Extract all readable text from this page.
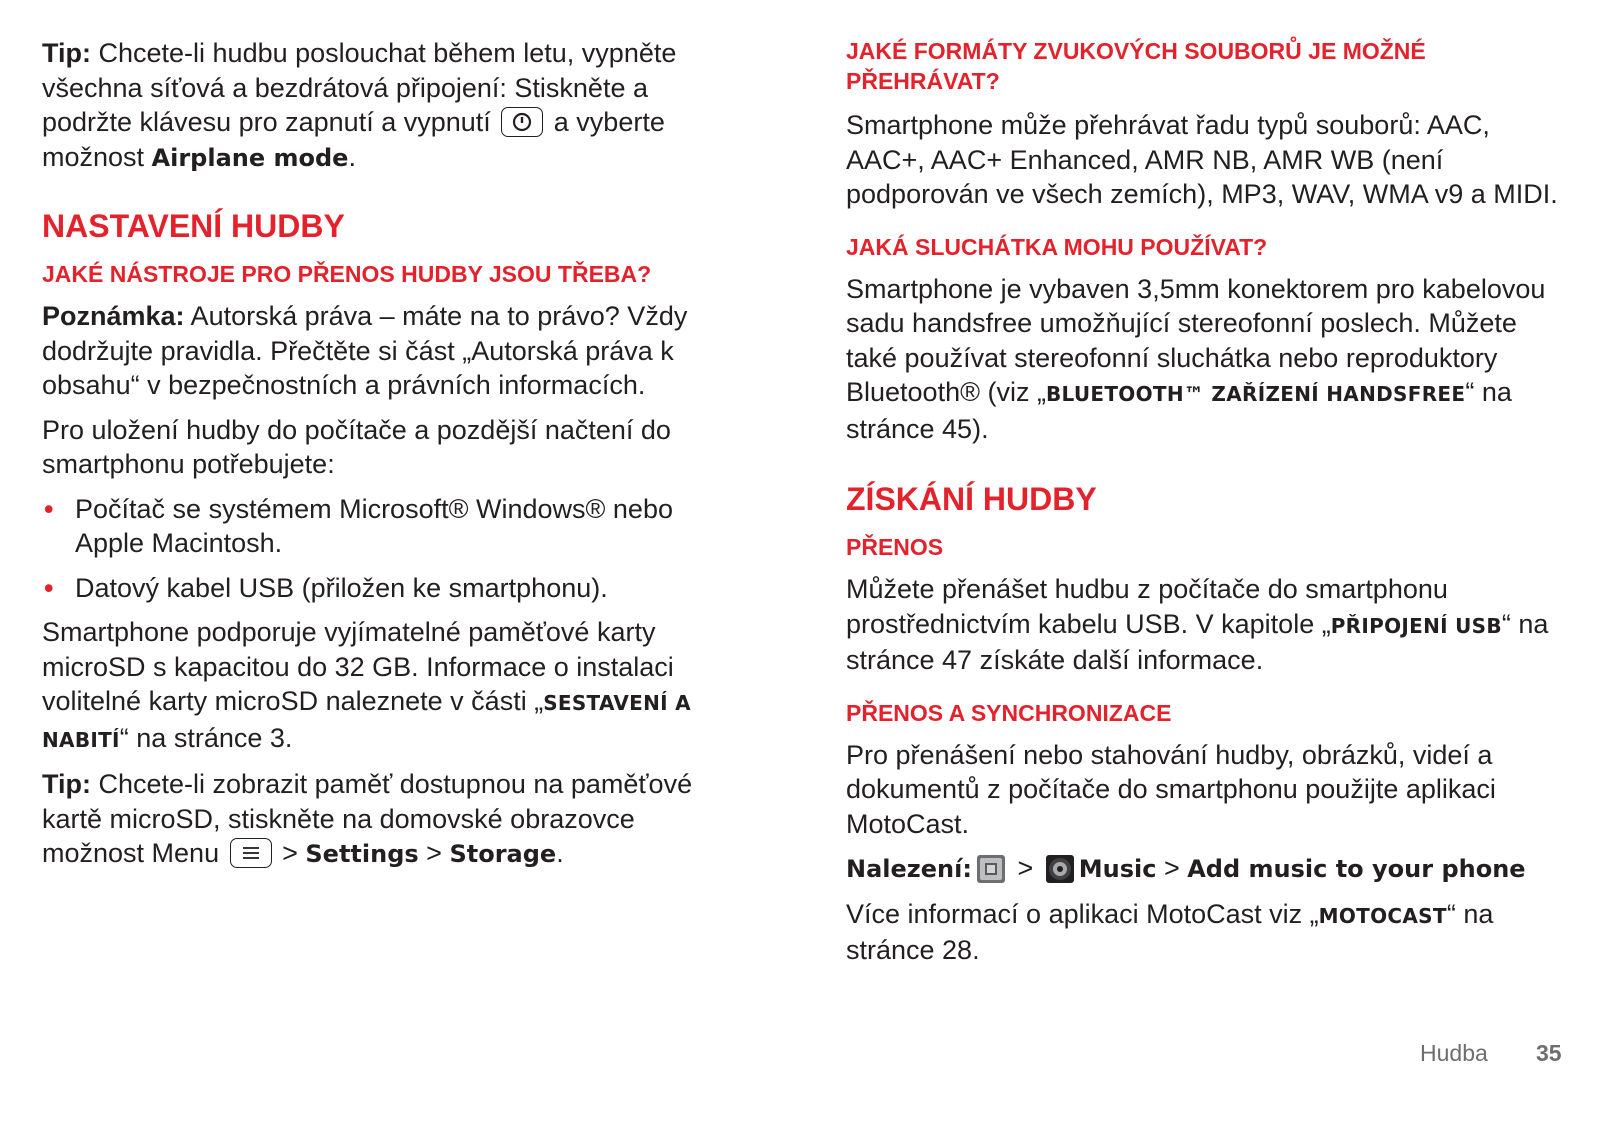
Tip: Chcete-li hudbu poslouchat během letu, vypněte všechna síťová a bezdrátová připojení: Stiskněte a podržte klávesu pro zapnutí a vypnutí
a vyberte možnost Airplane mode.

NASTAVENÍ HUDBY
JAKÉ NÁSTROJE PRO PŘENOS HUDBY JSOU TŘEBA?

Poznámka: Autorská práva – máte na to právo? Vždy dodržujte pravidla. Přečtěte si část „Autorská práva k obsahu“ v bezpečnostních a právních informacích.

Pro uložení hudby do počítače a pozdější načtení do smartphonu potřebujete:

• Počítač se systémem Microsoft® Windows® nebo Apple Macintosh.
• Datový kabel USB (přiložen ke smartphonu).

Smartphone podporuje vyjímatelné paměťové karty microSD s kapacitou do 32 GB. Informace o instalaci volitelné karty microSD naleznete v části „SESTAVENÍ A NABITÍ“ na stránce 3.

Tip: Chcete-li zobrazit paměť dostupnou na paměťové kartě microSD, stiskněte na domovské obrazovce možnost Menu
> Settings > Storage.

JAKÉ FORMÁTY ZVUKOVÝCH SOUBORŮ JE MOŽNÉ PŘEHRÁVAT?

Smartphone může přehrávat řadu typů souborů: AAC, AAC+, AAC+ Enhanced, AMR NB, AMR WB (není podporován ve všech zemích), MP3, WAV, WMA v9 a MIDI.

JAKÁ SLUCHÁTKA MOHU POUŽÍVAT?

Smartphone je vybaven 3,5mm konektorem pro kabelovou sadu handsfree umožňující stereofonní poslech. Můžete také používat stereofonní sluchátka nebo reproduktory Bluetooth® (viz „BLUETOOTH™ ZAŘÍZENÍ HANDSFREE“ na stránce 45).

ZÍSKÁNÍ HUDBY
PŘENOS

Můžete přenášet hudbu z počítače do smartphonu prostřednictvím kabelu USB. V kapitole „PŘIPOJENÍ USB“ na stránce 47 získáte další informace.

PŘENOS A SYNCHRONIZACE

Pro přenášení nebo stahování hudby, obrázků, videí a dokumentů z počítače do smartphonu použijte aplikaci MotoCast.

Nalezení: > Music > Add music to your phone

Více informací o aplikaci MotoCast viz „MOTOCAST“ na stránce 28.

Hudba 35
